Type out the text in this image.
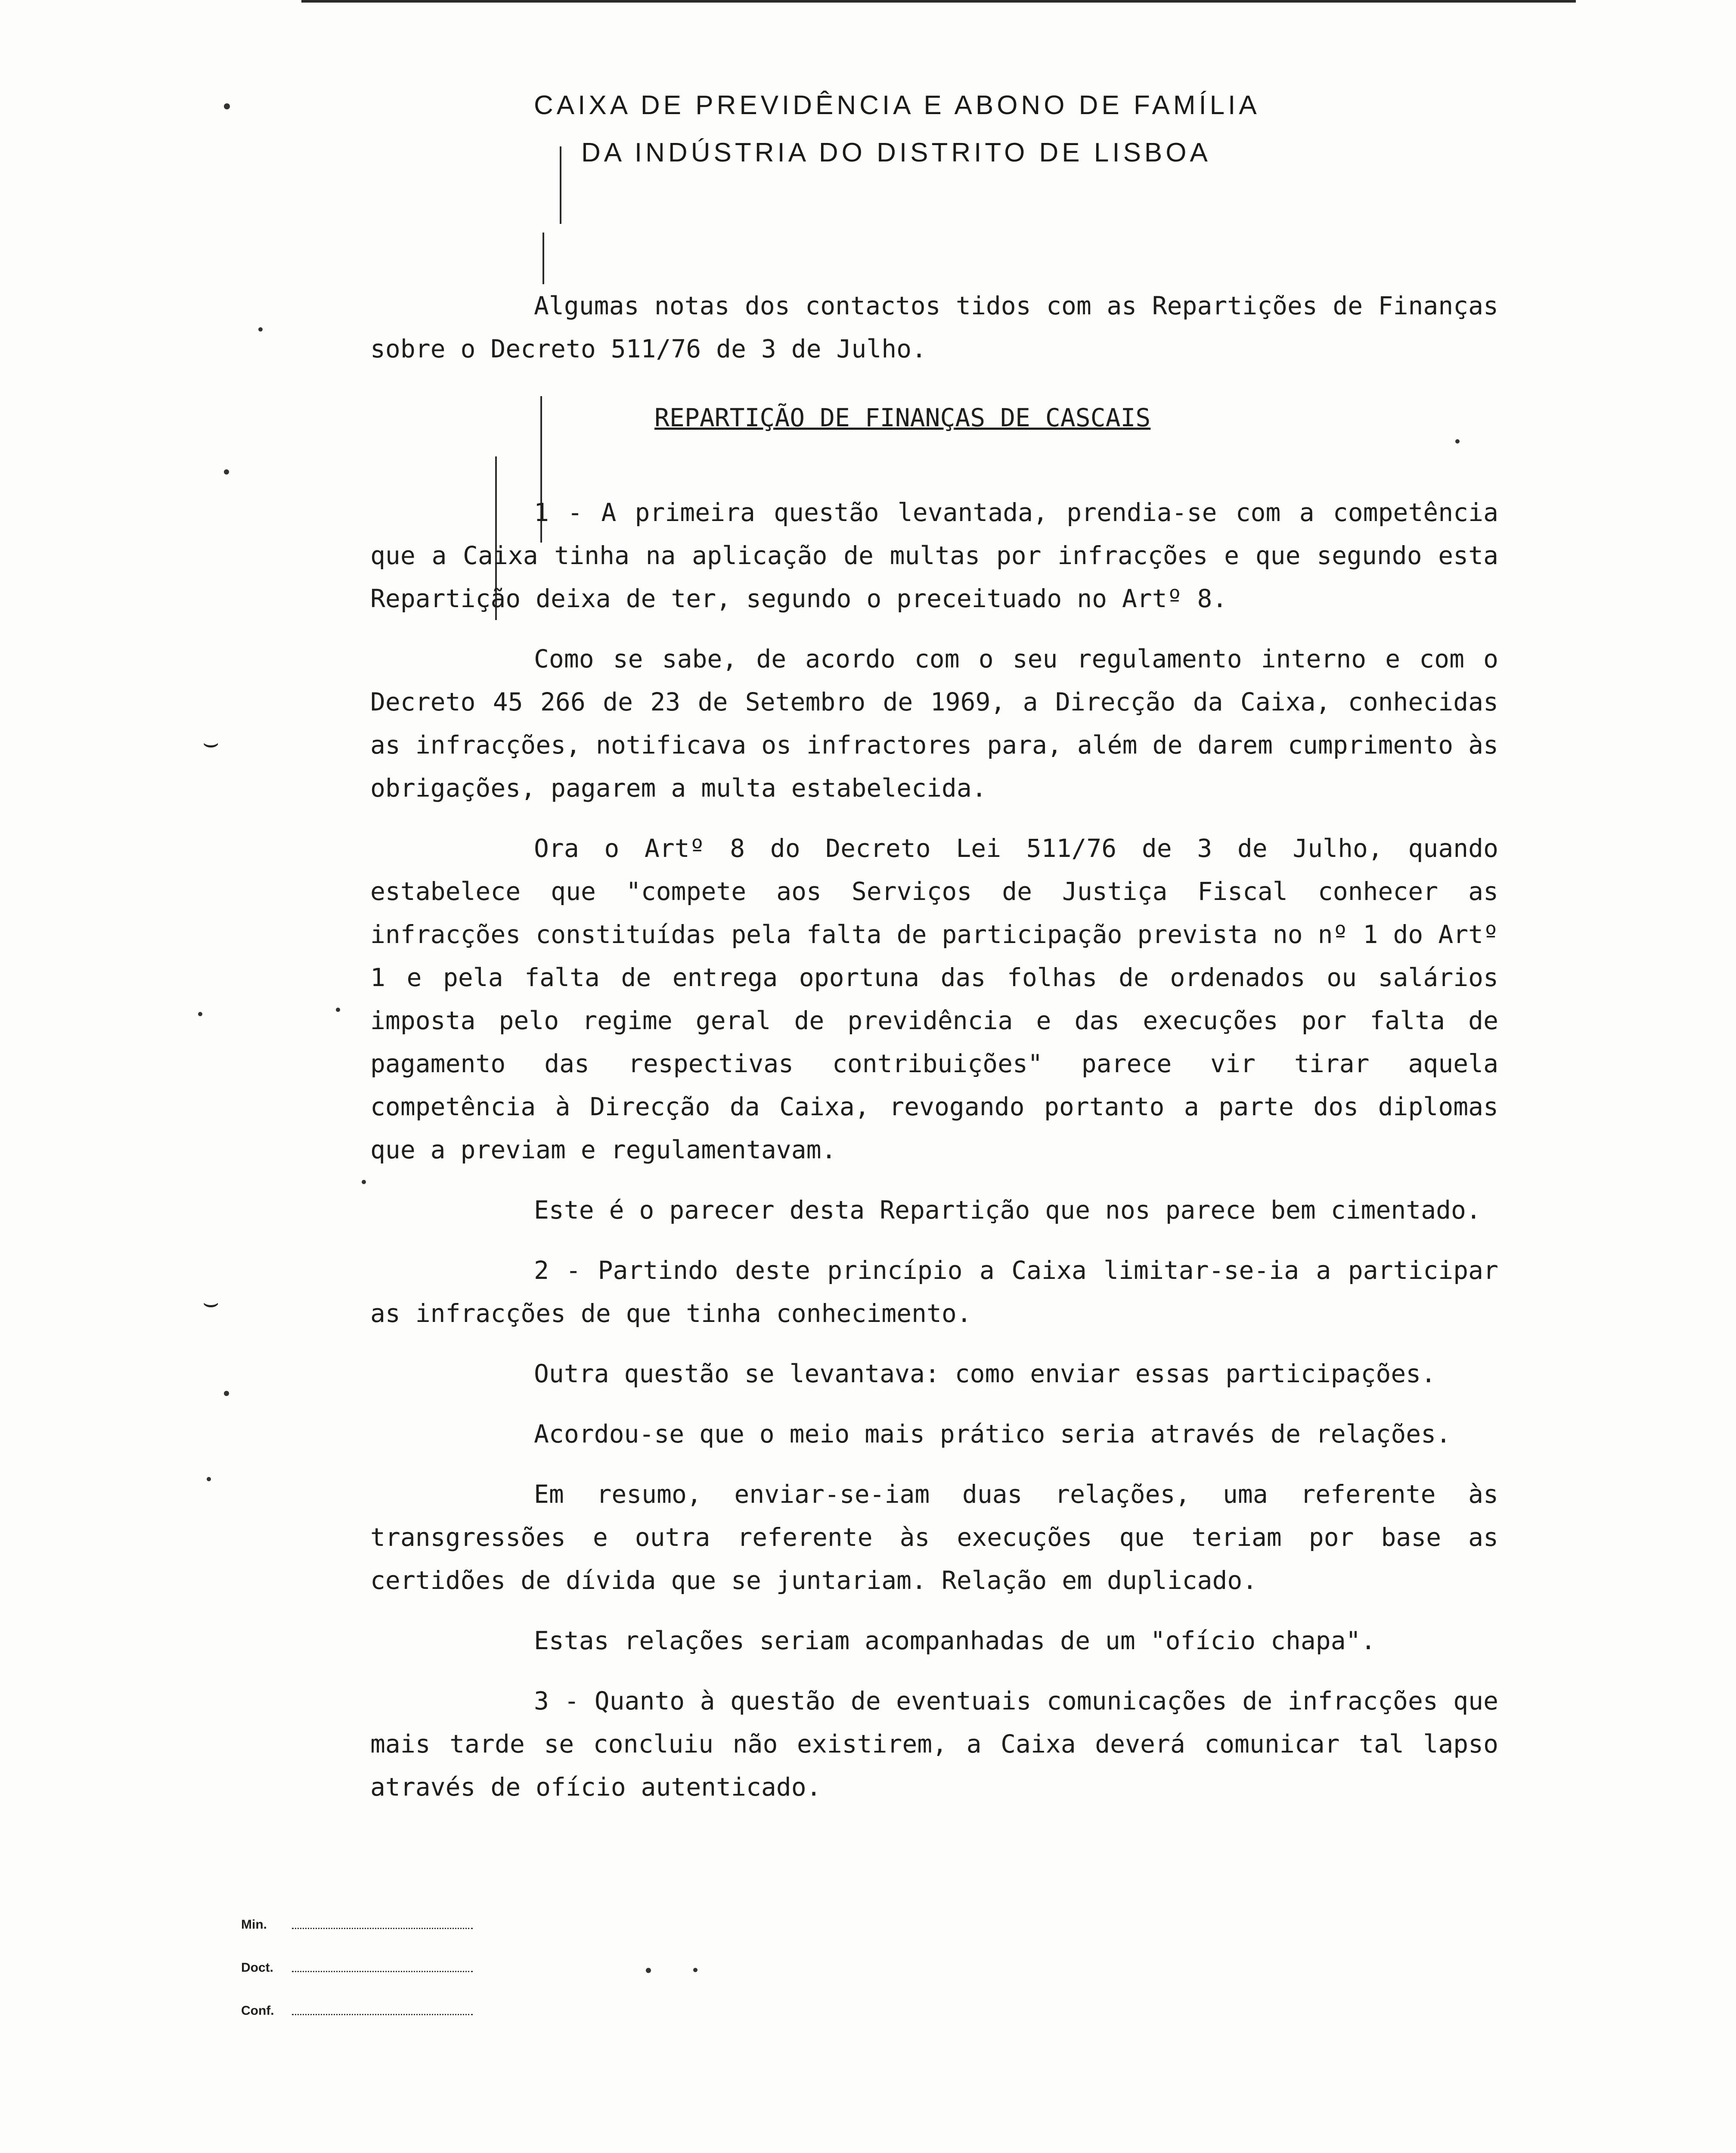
CAIXA DE PREVIDÊNCIA E ABONO DE FAMÍLIA
DA INDÚSTRIA DO DISTRITO DE LISBOA

Algumas notas dos contactos tidos com as Repartições de Finanças sobre o Decreto 511/76 de 3 de Julho.

REPARTIÇÃO DE FINANÇAS DE CASCAIS

1 - A primeira questão levantada, prendia-se com a competência que a Caixa tinha na aplicação de multas por infracções e que segundo esta Repartição deixa de ter, segundo o preceituado no Artº 8.

Como se sabe, de acordo com o seu regulamento interno e com o Decreto 45 266 de 23 de Setembro de 1969, a Direcção da Caixa, conhecidas as infracções, notificava os infractores para, além de darem cumprimento às obrigações, pagarem a multa estabelecida.

Ora o Artº 8 do Decreto Lei 511/76 de 3 de Julho, quando estabelece que "compete aos Serviços de Justiça Fiscal conhecer as infracções constituídas pela falta de participação prevista no nº 1 do Artº 1 e pela falta de entrega oportuna das folhas de ordenados ou salários imposta pelo regime geral de previdência e das execuções por falta de pagamento das respectivas contribuições" parece vir tirar aquela competência à Direcção da Caixa, revogando portanto a parte dos diplomas que a previam e regulamentavam.

Este é o parecer desta Repartição que nos parece bem cimentado.

2 - Partindo deste princípio a Caixa limitar-se-ia a participar as infracções de que tinha conhecimento.

Outra questão se levantava: como enviar essas participações.

Acordou-se que o meio mais prático seria através de relações.

Em resumo, enviar-se-iam duas relações, uma referente às transgressões e outra referente às execuções que teriam por base as certidões de dívida que se juntariam. Relação em duplicado.

Estas relações seriam acompanhadas de um "ofício chapa".

3 - Quanto à questão de eventuais comunicações de infracções que mais tarde se concluiu não existirem, a Caixa deverá comunicar tal lapso através de ofício autenticado.

Min.
Doct.
Conf.
⌣
⌣
